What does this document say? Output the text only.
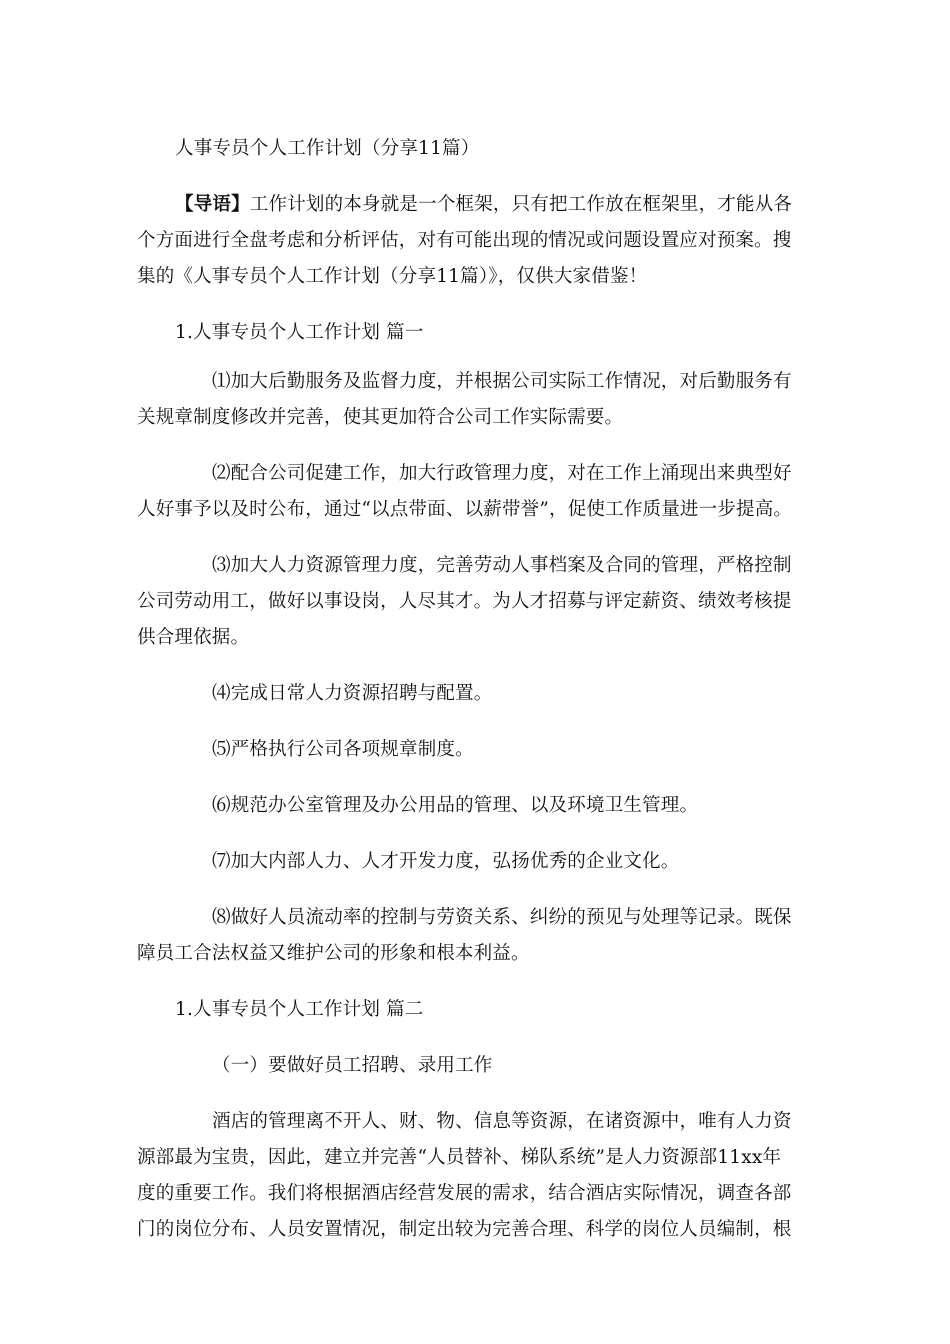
人事专员个人工作计划（分享11篇）
【导语】工作计划的本身就是一个框架，只有把工作放在框架里，才能从各
个方面进行全盘考虑和分析评估，对有可能出现的情况或问题设置应对预案。搜
集的《人事专员个人工作计划（分享11篇）》，仅供大家借鉴！
1.人事专员个人工作计划 篇一
⑴加大后勤服务及监督力度，并根据公司实际工作情况，对后勤服务有
关规章制度修改并完善，使其更加符合公司工作实际需要。
⑵配合公司促建工作，加大行政管理力度，对在工作上涌现出来典型好
人好事予以及时公布，通过“以点带面、以薪带誉”，促使工作质量进一步提高。
⑶加大人力资源管理力度，完善劳动人事档案及合同的管理，严格控制
公司劳动用工，做好以事设岗，人尽其才。为人才招募与评定薪资、绩效考核提
供合理依据。
⑷完成日常人力资源招聘与配置。
⑸严格执行公司各项规章制度。
⑹规范办公室管理及办公用品的管理、以及环境卫生管理。
⑺加大内部人力、人才开发力度，弘扬优秀的企业文化。
⑻做好人员流动率的控制与劳资关系、纠纷的预见与处理等记录。既保
障员工合法权益又维护公司的形象和根本利益。
1.人事专员个人工作计划 篇二
（一）要做好员工招聘、录用工作
酒店的管理离不开人、财、物、信息等资源，在诸资源中，唯有人力资
源部最为宝贵，因此，建立并完善“人员替补、梯队系统”是人力资源部11xx年
度的重要工作。我们将根据酒店经营发展的需求，结合酒店实际情况，调查各部
门的岗位分布、人员安置情况，制定出较为完善合理、科学的岗位人员编制，根
